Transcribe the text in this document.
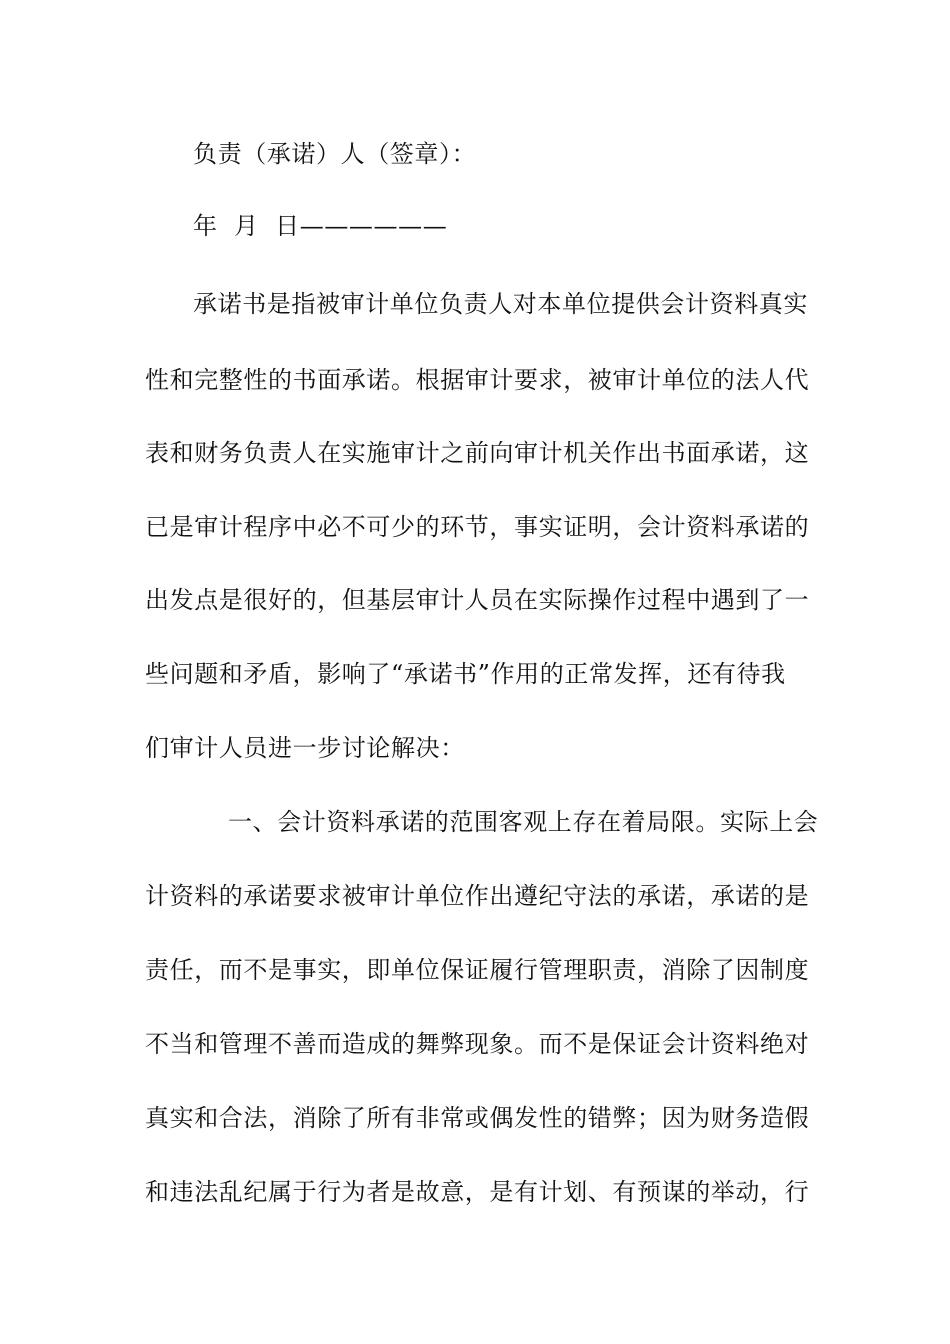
负责（承诺）人（签章）：
年  月  日——————
承诺书是指被审计单位负责人对本单位提供会计资料真实
性和完整性的书面承诺。根据审计要求，被审计单位的法人代
表和财务负责人在实施审计之前向审计机关作出书面承诺，这
已是审计程序中必不可少的环节，事实证明，会计资料承诺的
出发点是很好的，但基层审计人员在实际操作过程中遇到了一
些问题和矛盾，影响了“承诺书”作用的正常发挥，还有待我
们审计人员进一步讨论解决：
一、会计资料承诺的范围客观上存在着局限。实际上会
计资料的承诺要求被审计单位作出遵纪守法的承诺，承诺的是
责任，而不是事实，即单位保证履行管理职责，消除了因制度
不当和管理不善而造成的舞弊现象。而不是保证会计资料绝对
真实和合法，消除了所有非常或偶发性的错弊；因为财务造假
和违法乱纪属于行为者是故意，是有计划、有预谋的举动，行
